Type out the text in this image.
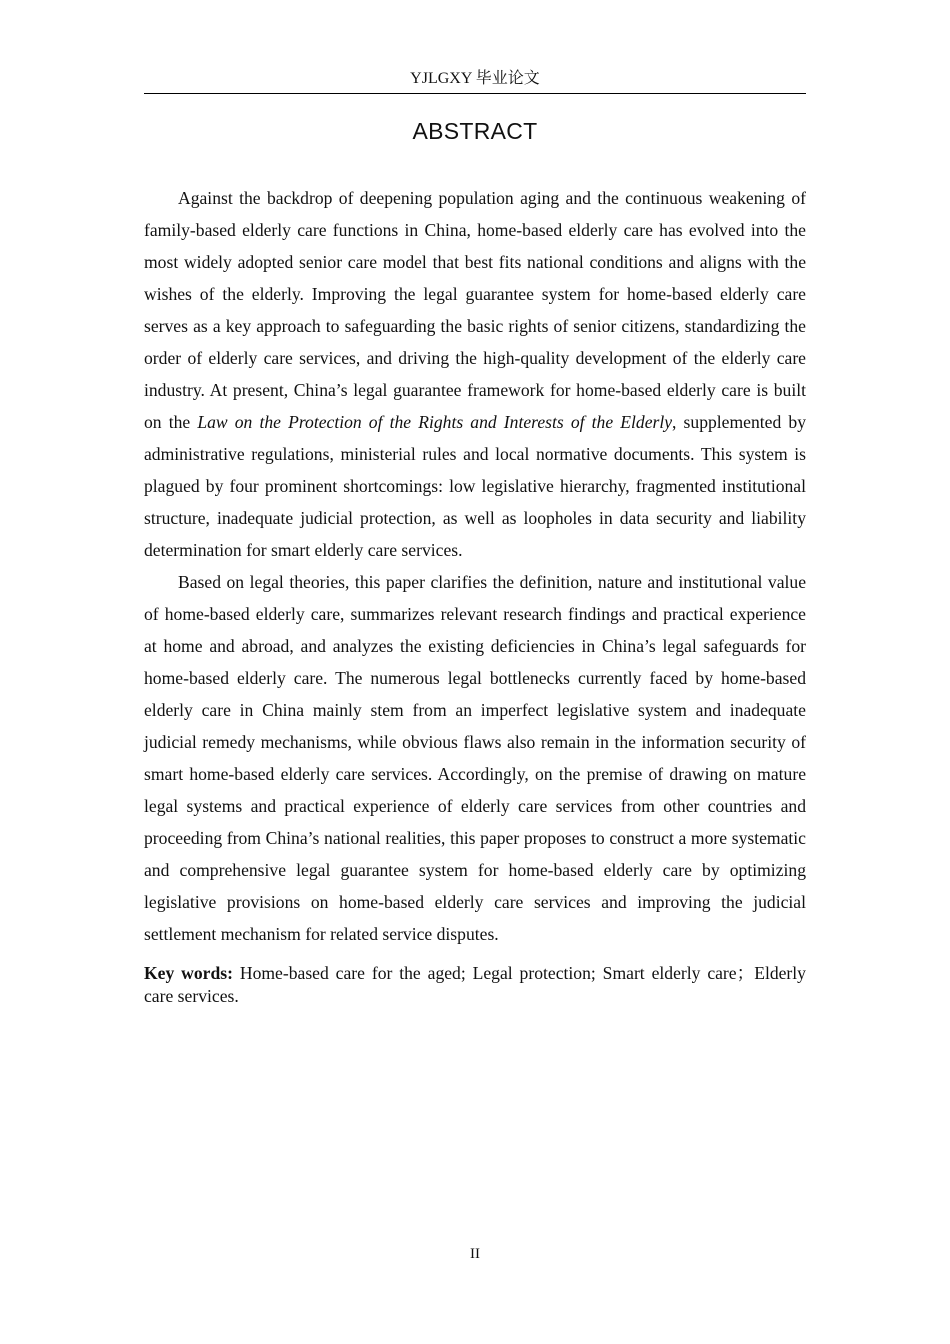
YJLGXY 毕业论文
ABSTRACT

Against the backdrop of deepening population aging and the continuous weakening of family-based elderly care functions in China, home-based elderly care has evolved into the most widely adopted senior care model that best fits national conditions and aligns with the wishes of the elderly. Improving the legal guarantee system for home-based elderly care serves as a key approach to safeguarding the basic rights of senior citizens, standardizing the order of elderly care services, and driving the high-quality development of the elderly care industry. At present, China’s legal guarantee framework for home-based elderly care is built on the Law on the Protection of the Rights and Interests of the Elderly, supplemented by administrative regulations, ministerial rules and local normative documents. This system is plagued by four prominent shortcomings: low legislative hierarchy, fragmented institutional structure, inadequate judicial protection, as well as loopholes in data security and liability determination for smart elderly care services.

Based on legal theories, this paper clarifies the definition, nature and institutional value of home-based elderly care, summarizes relevant research findings and practical experience at home and abroad, and analyzes the existing deficiencies in China’s legal safeguards for home-based elderly care. The numerous legal bottlenecks currently faced by home-based elderly care in China mainly stem from an imperfect legislative system and inadequate judicial remedy mechanisms, while obvious flaws also remain in the information security of smart home-based elderly care services. Accordingly, on the premise of drawing on mature legal systems and practical experience of elderly care services from other countries and proceeding from China’s national realities, this paper proposes to construct a more systematic and comprehensive legal guarantee system for home-based elderly care by optimizing legislative provisions on home-based elderly care services and improving the judicial settlement mechanism for related service disputes.

Key words: Home-based care for the aged; Legal protection; Smart elderly care；Elderly care services.

II
